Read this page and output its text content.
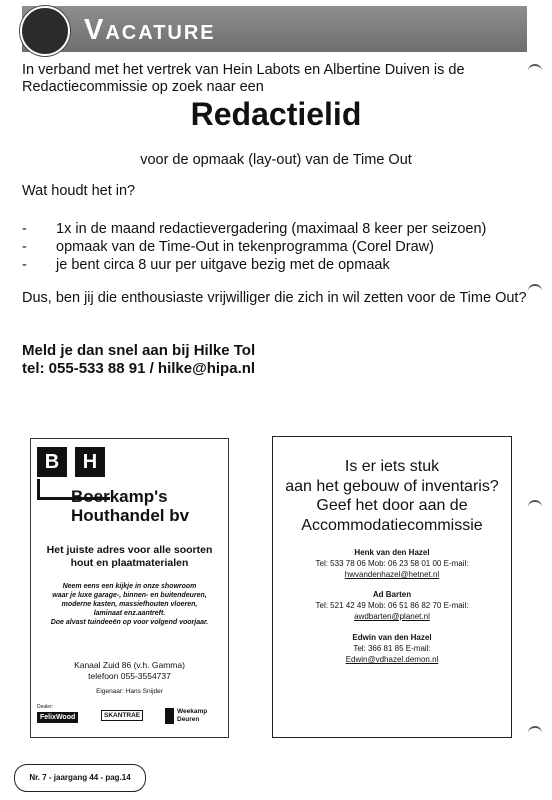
Vacature
In verband met het vertrek van Hein Labots en Albertine Duiven is de Redactiecommissie op zoek naar een
Redactielid
voor de opmaak (lay-out) van de Time Out
Wat houdt het in?
- 1x in de maand redactievergadering (maximaal 8 keer per seizoen)
- opmaak van de Time-Out in tekenprogramma (Corel Draw)
- je bent circa 8 uur per uitgave bezig met de opmaak
Dus, ben jij die enthousiaste vrijwilliger die zich in wil zetten voor de Time Out?
Meld je dan snel aan bij Hilke Tol
tel: 055-533 88 91 / hilke@hipa.nl
B	H
Boerkamp's
Houthandel bv
Het juiste adres voor alle soorten
hout en plaatmaterialen
Neem eens een kijkje in onze showroom
waar je luxe garage-, binnen- en buitendeuren,
moderne kasten, massiefhouten vloeren,
laminaat enz.aantreft.
Doe alvast tuindeeën op voor volgend voorjaar.
Kanaal Zuid 86 (v.h. Gamma)
telefoon 055-3554737
Eigenaar: Hans Snijder
Dealer:
FelixWood	SKANTRAE
Weekamp
Deuren
Is er iets stuk
aan het gebouw of inventaris?
Geef het door aan de
Accommodatiecommissie
Henk van den Hazel
Tel: 533 78 06 Mob: 06 23 58 01 00 E-mail:
hwvandenhazel@hetnet.nl
Ad Barten
Tel: 521 42 49 Mob: 06 51 86 82 70 E-mail:
awdbarten@planet.nl
Edwin van den Hazel
Tel: 366 81 85 E-mail:
Edwin@vdhazel.demon.nl
Nr. 7 - jaargang 44 - pag.14
